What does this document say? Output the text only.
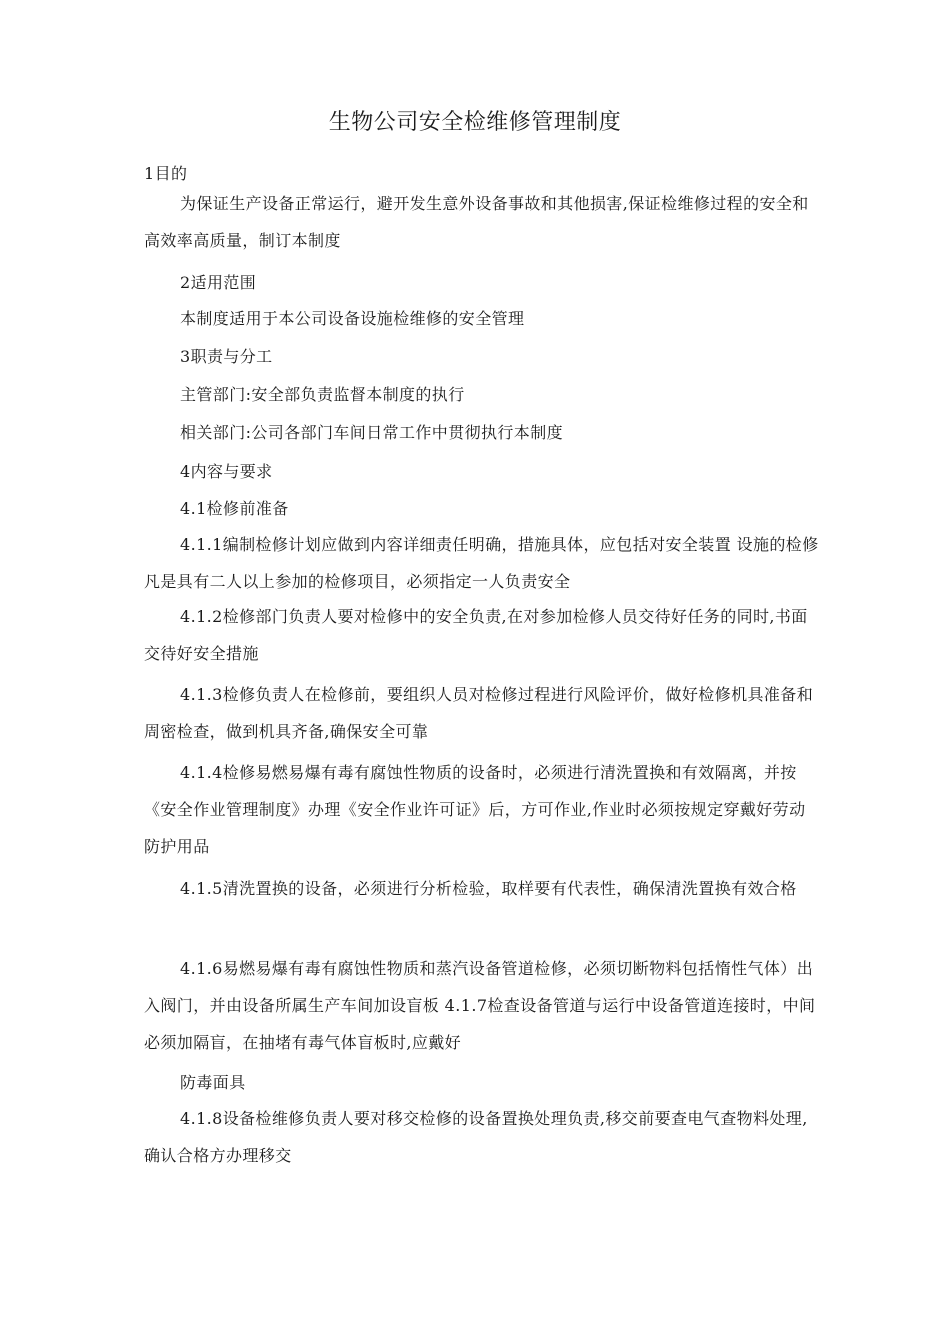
生物公司安全检维修管理制度
1目的
为保证生产设备正常运行，避开发生意外设备事故和其他损害,保证检维修过程的安全和高效率高质量，制订本制度
2适用范围
本制度适用于本公司设备设施检维修的安全管理
3职责与分工
主管部门:安全部负责监督本制度的执行
相关部门:公司各部门车间日常工作中贯彻执行本制度
4内容与要求
4.1检修前准备
4.1.1编制检修计划应做到内容详细责任明确，措施具体，应包括对安全装置 设施的检修凡是具有二人以上参加的检修项目，必须指定一人负责安全
4.1.2检修部门负责人要对检修中的安全负责,在对参加检修人员交待好任务的同时,书面交待好安全措施
4.1.3检修负责人在检修前，要组织人员对检修过程进行风险评价，做好检修机具准备和周密检查，做到机具齐备,确保安全可靠
4.1.4检修易燃易爆有毒有腐蚀性物质的设备时，必须进行清洗置换和有效隔离，并按《安全作业管理制度》办理《安全作业许可证》后，方可作业,作业时必须按规定穿戴好劳动防护用品
4.1.5清洗置换的设备，必须进行分析检验，取样要有代表性，确保清洗置换有效合格
4.1.6易燃易爆有毒有腐蚀性物质和蒸汽设备管道检修，必须切断物料包括惰性气体）出入阀门，并由设备所属生产车间加设盲板 4.1.7检查设备管道与运行中设备管道连接时，中间必须加隔盲，在抽堵有毒气体盲板时,应戴好
防毒面具
4.1.8设备检维修负责人要对移交检修的设备置换处理负责,移交前要查电气查物料处理,确认合格方办理移交
